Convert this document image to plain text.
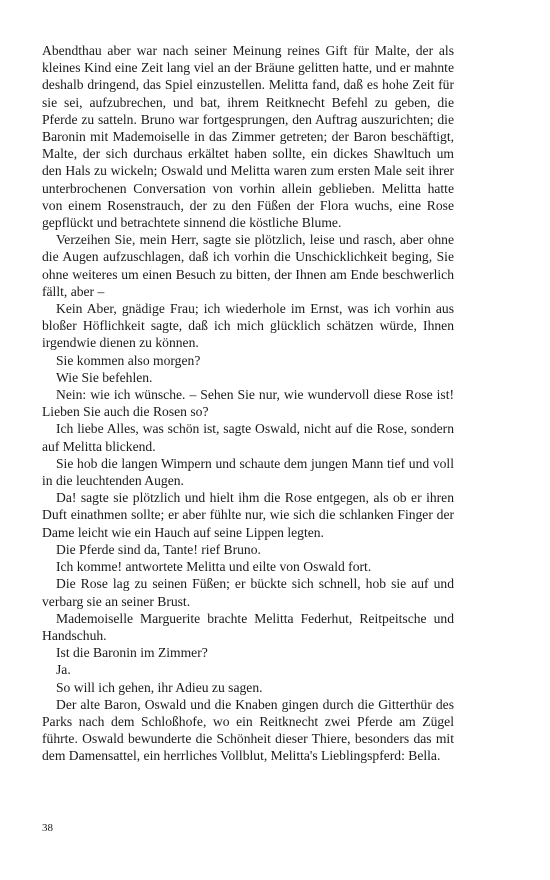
Abendthau aber war nach seiner Meinung reines Gift für Malte, der als kleines Kind eine Zeit lang viel an der Bräune gelitten hatte, und er mahnte deshalb dringend, das Spiel einzustellen. Melitta fand, daß es hohe Zeit für sie sei, aufzubrechen, und bat, ihrem Reitknecht Befehl zu geben, die Pferde zu satteln. Bruno war fortgesprungen, den Auftrag auszurichten; die Baronin mit Mademoiselle in das Zimmer getreten; der Baron beschäftigt, Malte, der sich durchaus erkältet haben sollte, ein dickes Shawltuch um den Hals zu wickeln; Oswald und Melitta waren zum ersten Male seit ihrer unterbrochenen Conversation von vorhin allein geblieben. Melitta hatte von einem Rosenstrauch, der zu den Füßen der Flora wuchs, eine Rose gepflückt und betrachtete sinnend die köstliche Blume.

Verzeihen Sie, mein Herr, sagte sie plötzlich, leise und rasch, aber ohne die Augen aufzuschlagen, daß ich vorhin die Unschicklichkeit beging, Sie ohne weiteres um einen Besuch zu bitten, der Ihnen am Ende beschwerlich fällt, aber –

Kein Aber, gnädige Frau; ich wiederhole im Ernst, was ich vorhin aus bloßer Höflichkeit sagte, daß ich mich glücklich schätzen würde, Ihnen irgendwie dienen zu können.

Sie kommen also morgen?

Wie Sie befehlen.

Nein: wie ich wünsche. – Sehen Sie nur, wie wundervoll diese Rose ist! Lieben Sie auch die Rosen so?

Ich liebe Alles, was schön ist, sagte Oswald, nicht auf die Rose, sondern auf Melitta blickend.

Sie hob die langen Wimpern und schaute dem jungen Mann tief und voll in die leuchtenden Augen.

Da! sagte sie plötzlich und hielt ihm die Rose entgegen, als ob er ihren Duft einathmen sollte; er aber fühlte nur, wie sich die schlanken Finger der Dame leicht wie ein Hauch auf seine Lippen legten.

Die Pferde sind da, Tante! rief Bruno.

Ich komme! antwortete Melitta und eilte von Oswald fort.

Die Rose lag zu seinen Füßen; er bückte sich schnell, hob sie auf und verbarg sie an seiner Brust.

Mademoiselle Marguerite brachte Melitta Federhut, Reitpeitsche und Handschuh.

Ist die Baronin im Zimmer?

Ja.

So will ich gehen, ihr Adieu zu sagen.

Der alte Baron, Oswald und die Knaben gingen durch die Gitterthür des Parks nach dem Schloßhofe, wo ein Reitknecht zwei Pferde am Zügel führte. Oswald bewunderte die Schönheit dieser Thiere, besonders das mit dem Damensattel, ein herrliches Vollblut, Melitta's Lieblingspferd: Bella.

38
